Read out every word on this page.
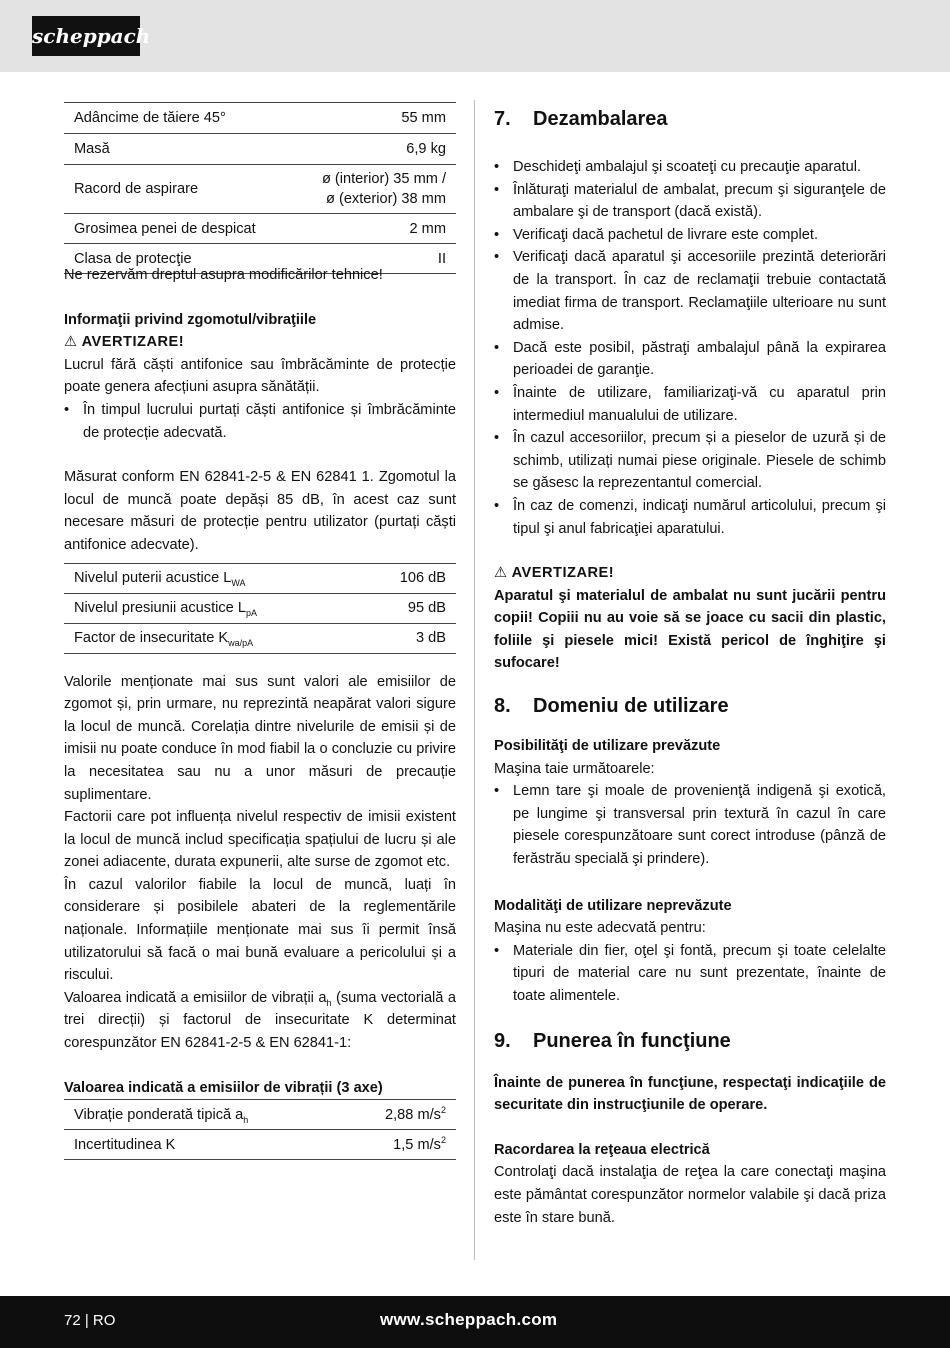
scheppach
Adâncime de tăiere 45°	55 mm
Masă	6,9 kg
Racord de aspirare	ø (interior) 35 mm /
ø (exterior) 38 mm
Grosimea penei de despicat	2 mm
Clasa de protecţie	II

Ne rezervăm dreptul asupra modificărilor tehnice!

Informaţii privind zgomotul/vibraţiile

⚠ AVERTIZARE!

Lucrul fără căști antifonice sau îmbrăcăminte de protecție poate genera afecțiuni asupra sănătății.

• În timpul lucrului purtați căști antifonice și îmbrăcăminte de protecție adecvată.

Măsurat conform EN 62841-2-5 & EN 62841 1. Zgomotul la locul de muncă poate depăși 85 dB, în acest caz sunt necesare măsuri de protecție pentru utilizator (purtați căști antifonice adecvate).

Nivelul puterii acustice $L_{WA}$	106 dB
Nivelul presiunii acustice $L_{pA}$	95 dB
Factor de insecuritate $K_{wa/pA}$	3 dB

Valorile menționate mai sus sunt valori ale emisiilor de zgomot și, prin urmare, nu reprezintă neapărat valori sigure la locul de muncă. Corelația dintre nivelurile de emisii și de imisii nu poate conduce în mod fiabil la o concluzie cu privire la necesitatea sau nu a unor măsuri de precauție suplimentare.

Factorii care pot influența nivelul respectiv de imisii existent la locul de muncă includ specificația spațiului de lucru și ale zonei adiacente, durata expunerii, alte surse de zgomot etc.

În cazul valorilor fiabile la locul de muncă, luați în considerare și posibilele abateri de la reglementările naționale. Informațiile menționate mai sus îi permit însă utilizatorului să facă o mai bună evaluare a pericolului și a riscului.

Valoarea indicată a emisiilor de vibrații $a_h$ (suma vectorială a trei direcții) și factorul de insecuritate K determinat corespunzător EN 62841-2-5 & EN 62841-1:

Valoarea indicată a emisiilor de vibrații (3 axe)

Vibrație ponderată tipică $a_h$	2,88 $m/s^2$
Incertitudinea K	1,5 $m/s^2$
7. Dezambalarea
• Deschideţi ambalajul şi scoateţi cu precauţie aparatul.
• Înlăturaţi materialul de ambalat, precum şi siguranţele de ambalare şi de transport (dacă există).
• Verificaţi dacă pachetul de livrare este complet.
• Verificaţi dacă aparatul şi accesoriile prezintă deteriorări de la transport. În caz de reclamaţii trebuie contactată imediat firma de transport. Reclamaţiile ulterioare nu sunt admise.
• Dacă este posibil, păstraţi ambalajul până la expirarea perioadei de garanţie.
• Înainte de utilizare, familiarizaţi-vă cu aparatul prin intermediul manualului de utilizare.
• În cazul accesoriilor, precum și a pieselor de uzură și de schimb, utilizați numai piese originale. Piesele de schimb se găsesc la reprezentantul comercial.
• În caz de comenzi, indicaţi numărul articolului, precum şi tipul şi anul fabricaţiei aparatului.

⚠ AVERTIZARE!

Aparatul şi materialul de ambalat nu sunt jucării pentru copii! Copiii nu au voie să se joace cu sacii din plastic, foliile şi piesele mici! Există pericol de înghiţire şi sufocare!

8. Domeniu de utilizare

Posibilităţi de utilizare prevăzute

Maşina taie următoarele:

• Lemn tare şi moale de provenienţă indigenă şi exotică, pe lungime şi transversal prin textură în cazul în care piesele corespunzătoare sunt corect introduse (pânză de ferăstrău specială şi prindere).

Modalităţi de utilizare neprevăzute

Maşina nu este adecvată pentru:

• Materiale din fier, oţel şi fontă, precum şi toate celelalte tipuri de material care nu sunt prezentate, înainte de toate alimentele.
9. Punerea în funcţiune

Înainte de punerea în funcţiune, respectaţi indicaţiile de securitate din instrucţiunile de operare.

Racordarea la reţeaua electrică

Controlaţi dacă instalaţia de reţea la care conectaţi maşina este pământat corespunzător normelor valabile şi dacă priza este în stare bună.

72 | RO	www.scheppach.com
